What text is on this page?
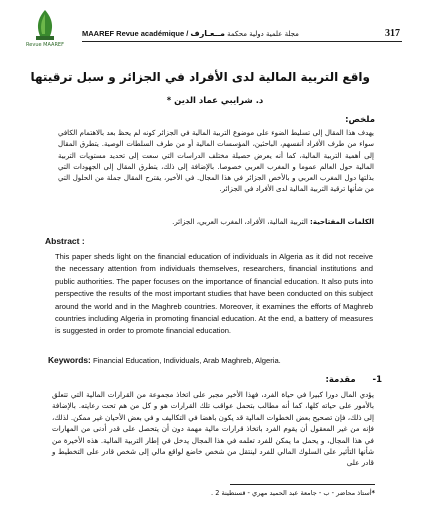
Revue MAAREF
MAAREF Revue académique /	مجلة علمية دولية محكمة مــعـارف	317
واقع التربية المالية لدى الأفراد في الجزائر و سبل ترقيتها
د. شرايبي عماد الدين *
ملخص:

يهدف هذا المقال إلى تسليط الضوء على موضوع التربية المالية في الجزائر كونه لم يحظ بعد بالاهتمام الكافي سواء من طرف الأفراد أنفسهم، الباحثين، المؤسسات المالية أو من طرف السلطات الوصية. يتطرق المقال إلى أهمية التربية المالية، كما أنه يعرض حصيلة مختلف الدراسات التي سعت إلى تحديد مستويات التربية المالية حول العالم عموما و المغرب العربي خصوصا. بالإضافة إلى ذلك، يتطرق المقال إلى الجهودات التي بذلتها دول المغرب العربي و بالأخص الجزائر في هذا المجال. في الأخير، يقترح المقال جملة من الحلول التي من شأنها ترقية التربية المالية لدى الأفراد في الجزائر.

الكلمات المفتاحية: التربية المالية، الأفراد، المغرب العربي، الجزائر.

Abstract :

This paper sheds light on the financial education of individuals in Algeria as it did not receive the necessary attention from individuals themselves, researchers, financial institutions and public authorities. The paper focuses on the importance of financial education. It also puts into perspective the results of the most important studies that have been conducted on this subject around the world and in the Maghreb countries. Moreover, it examines the efforts of Maghreb countries including Algeria in promoting financial education. At the end, a battery of measures is suggested in order to promote financial education.

Keywords: Financial Education, Individuals, Arab Maghreb, Algeria.

1- مقدمة:

يؤدي المال دورا كبيرا في حياة الفرد، فهذا الأخير مجبر على اتخاذ مجموعة من القرارات المالية التي تتعلق بالأمور على حياته كلها، كما أنه مطالب بتحمل عواقب تلك القرارات هو و كل من هم تحت رعايته. بالإضافة إلى ذلك، فإن تصحيح بعض الخطوات المالية قد يكون باهضا في التكاليف و في بعض الأحيان غير ممكن. لذلك، فإنه من غير المعقول أن يقوم الفرد باتخاذ قرارات مالية مهمة دون أن يتحصل على قدر أدنى من المهارات في هذا المجال، و يحمل ما يمكن للفرد تعلمه في هذا المجال يدخل في إطار التربية المالية. هذه الأخيرة من شأنها التأثير على السلوك المالي للفرد لينتقل من شخص خاضع لواقع مالي إلى شخص قادر على التخطيط و قادر على

*أستاذ محاضر - ب - جامعة عبد الحميد مهري - قسنطينة 2 .
